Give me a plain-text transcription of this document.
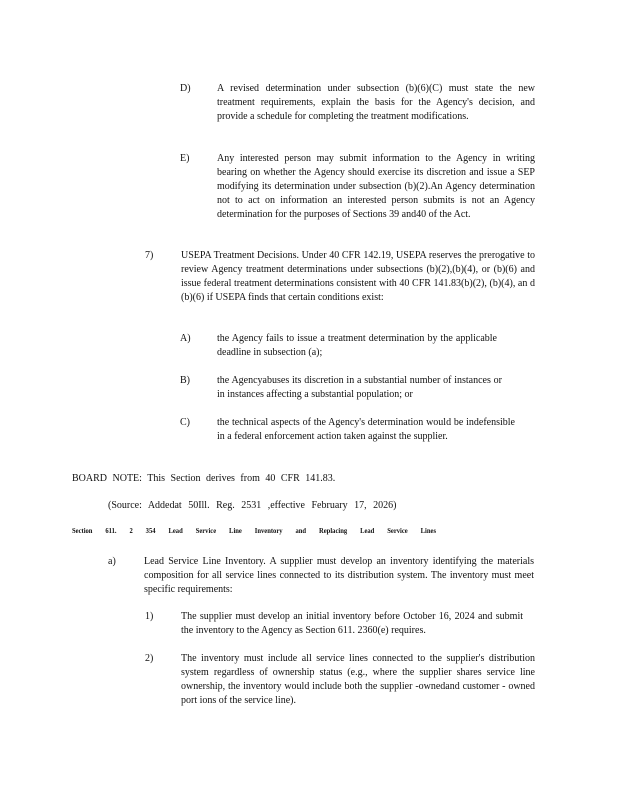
D)	A revised determination under subsection (b)(6)(C) must state the new treatment requirements, explain the basis for the Agency's decision, and provide a schedule for completing the treatment modifications.
E)	Any interested person may submit information to the Agency in writing bearing on whether the Agency should exercise its discretion and issue a SEP modifying its determination under subsection (b)(2).An Agency determination not to act on information an interested person submits is not an Agency determination for the purposes of Sections 39 and40 of the Act.
7)	USEPA Treatment Decisions. Under 40 CFR 142.19, USEPA reserves the prerogative to review Agency treatment determinations under subsections (b)(2),(b)(4), or (b)(6) and issue federal treatment determinations consistent with 40 CFR 141.83(b)(2), (b)(4), an d (b)(6) if USEPA finds that certain conditions exist:
A)	the Agency fails to issue a treatment determination by the applicable deadline in subsection (a);
B)	the Agencyabuses its discretion in a substantial number of instances or in instances affecting a substantial population; or
C)	the technical aspects of the Agency's determination would be indefensible in a federal enforcement action taken against the supplier.
BOARD NOTE: This Section derives from 40 CFR 141.83.
(Source: Addedat 50Ill. Reg. 2531 ,effective February 17, 2026)
Section 611. 2 354 Lead Service Line Inventory and Replacing Lead Service Lines
a)	Lead Service Line Inventory. A supplier must develop an inventory identifying the materials composition for all service lines connected to its distribution system. The inventory must meet specific requirements:
1)	The supplier must develop an initial inventory before October 16, 2024 and submit the inventory to the Agency as Section 611. 2360(e) requires.
2)	The inventory must include all service lines connected to the supplier's distribution system regardless of ownership status (e.g., where the supplier shares service line ownership, the inventory would include both the supplier -ownedand customer - owned port ions of the service line).
